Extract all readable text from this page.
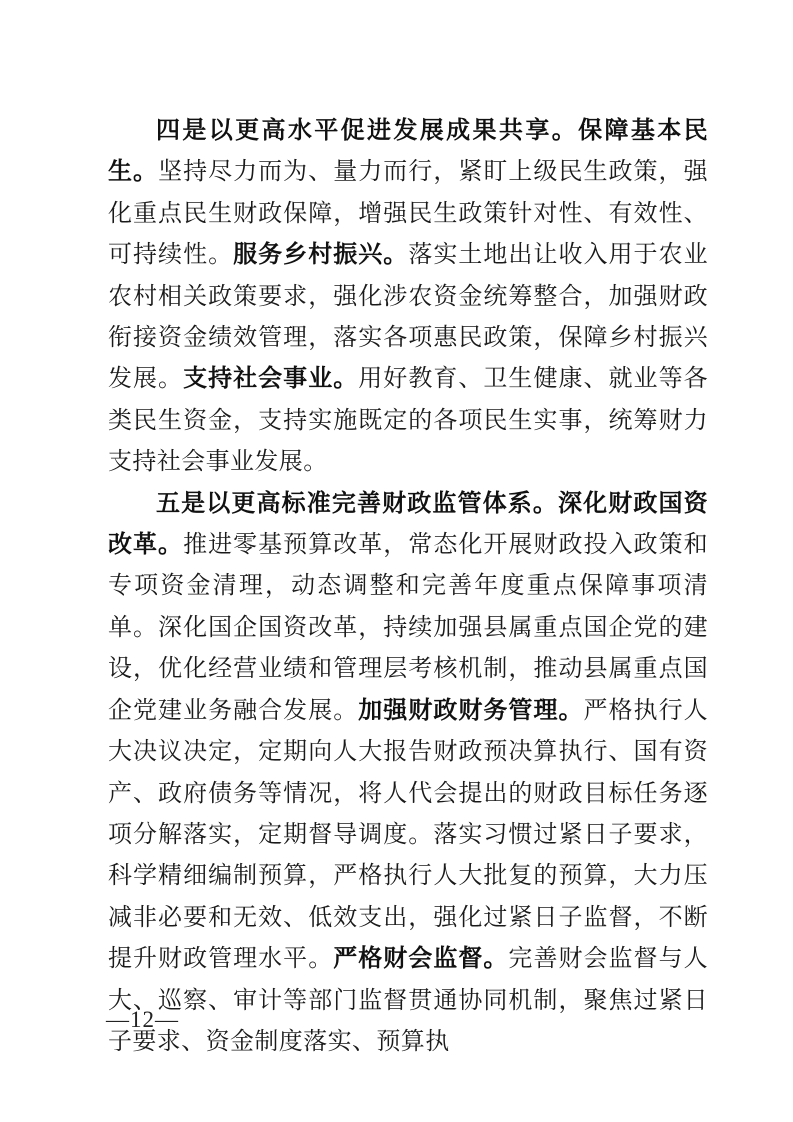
四是以更高水平促进发展成果共享。保障基本民生。坚持尽力而为、量力而行，紧盯上级民生政策，强化重点民生财政保障，增强民生政策针对性、有效性、可持续性。服务乡村振兴。落实土地出让收入用于农业农村相关政策要求，强化涉农资金统筹整合，加强财政衔接资金绩效管理，落实各项惠民政策，保障乡村振兴发展。支持社会事业。用好教育、卫生健康、就业等各类民生资金，支持实施既定的各项民生实事，统筹财力支持社会事业发展。

五是以更高标准完善财政监管体系。深化财政国资改革。推进零基预算改革，常态化开展财政投入政策和专项资金清理，动态调整和完善年度重点保障事项清单。深化国企国资改革，持续加强县属重点国企党的建设，优化经营业绩和管理层考核机制，推动县属重点国企党建业务融合发展。加强财政财务管理。严格执行人大决议决定，定期向人大报告财政预决算执行、国有资产、政府债务等情况，将人代会提出的财政目标任务逐项分解落实，定期督导调度。落实习惯过紧日子要求，科学精细编制预算，严格执行人大批复的预算，大力压减非必要和无效、低效支出，强化过紧日子监督，不断提升财政管理水平。严格财会监督。完善财会监督与人大、巡察、审计等部门监督贯通协同机制，聚焦过紧日子要求、资金制度落实、预算执

—12—
